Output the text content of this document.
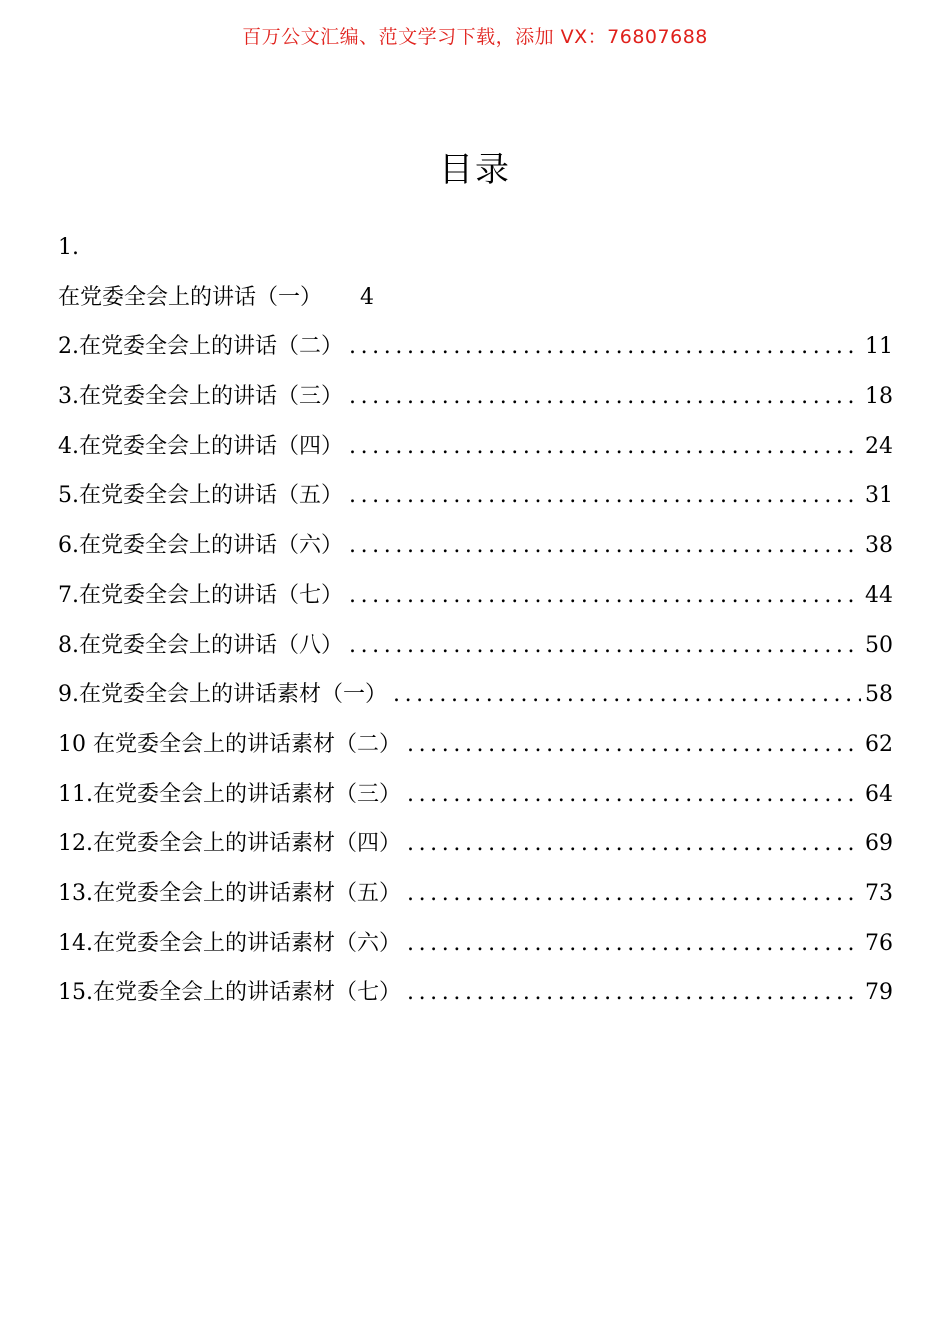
百万公文汇编、范文学习下载，添加 VX：76807688
目录
1.
在党委全会上的讲话（一） 4
2.在党委全会上的讲话（二） .....	11
3.在党委全会上的讲话（三） .....	18
4.在党委全会上的讲话（四） .....	24
5.在党委全会上的讲话（五） .....	31
6.在党委全会上的讲话（六） .....	38
7.在党委全会上的讲话（七） .....	44
8.在党委全会上的讲话（八） .....	50
9.在党委全会上的讲话素材（一） .....	58
10 在党委全会上的讲话素材（二） .....	62
11.在党委全会上的讲话素材（三） .....	64
12.在党委全会上的讲话素材（四） .....	69
13.在党委全会上的讲话素材（五） .....	73
14.在党委全会上的讲话素材（六） .....	76
15.在党委全会上的讲话素材（七） .....	79
